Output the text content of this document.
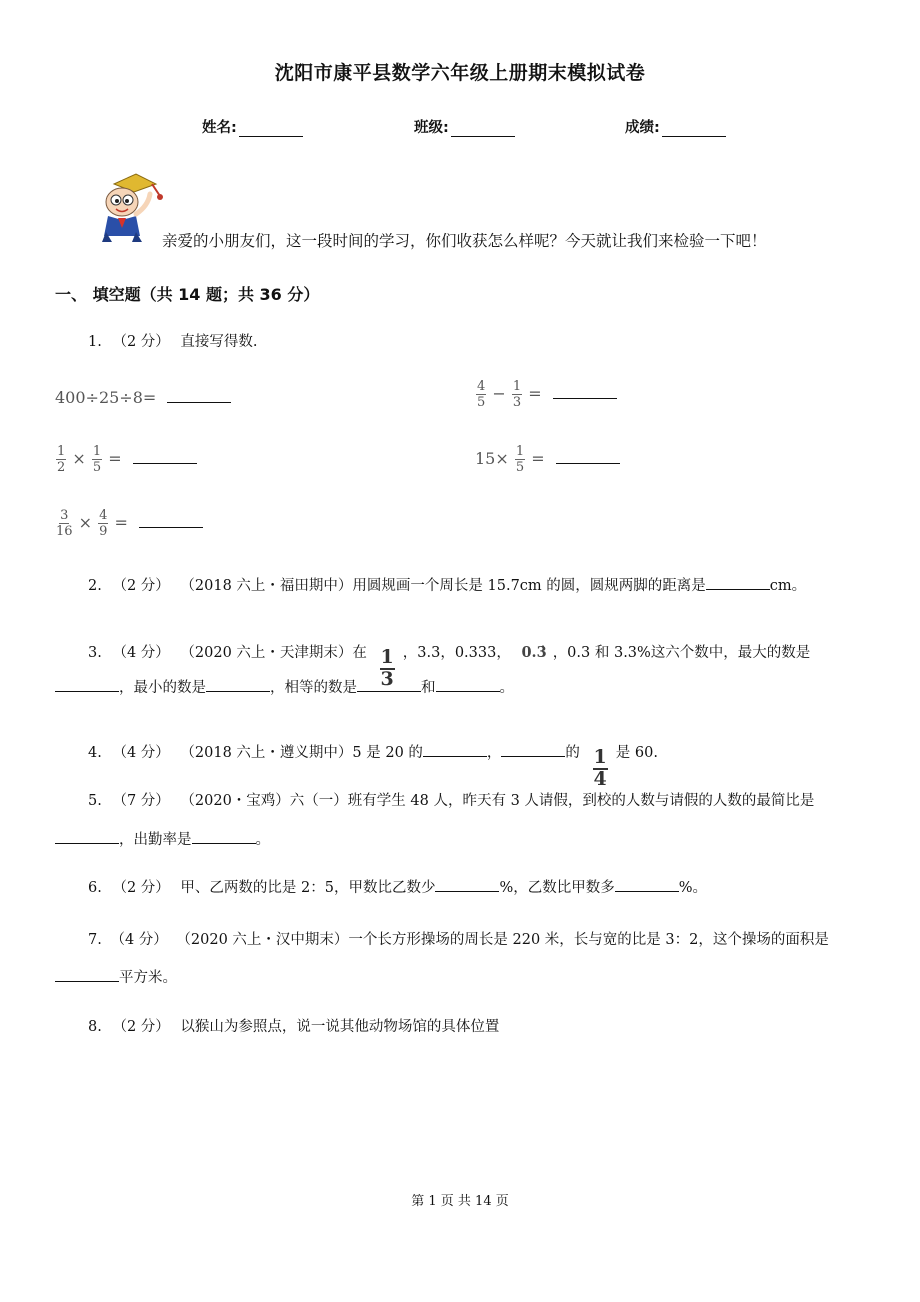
沈阳市康平县数学六年级上册期末模拟试卷
姓名:	班级:	成绩:
亲爱的小朋友们，这一段时间的学习，你们收获怎么样呢？今天就让我们来检验一下吧！
一、 填空题（共 14 题；共 36 分）
1. （2 分） 直接写得数.
400÷25÷8=	$\frac{4}{5} - \frac{1}{3}$ =
$\frac{1}{2} \times \frac{1}{5}$ =	$15\times \frac{1}{5}$ =
$\frac{3}{16} \times \frac{4}{9}$ =
2. （2 分） （2018 六上・福田期中）用圆规画一个周长是 15.7cm 的圆，圆规两脚的距离是	cm。
3. （4 分） （2020 六上・天津期末）在 $\frac{1}{3}$ ，3.3，0.333， 0.3̇ ，0.3 和 3.3%这六个数中，最大的数是
，最小的数是	，相等的数是	和	。
4. （4 分） （2018 六上・遵义期中）5 是 20 的	，	的 $\frac{1}{4}$ 是 60.
5. （7 分） （2020・宝鸡）六（一）班有学生 48 人，昨天有 3 人请假，到校的人数与请假的人数的最简比是
，出勤率是	。
6. （2 分） 甲、乙两数的比是 2：5，甲数比乙数少	%，乙数比甲数多	%。
7. （4 分） （2020 六上・汉中期末）一个长方形操场的周长是 220 米，长与宽的比是 3：2，这个操场的面积是
平方米。
8. （2 分） 以猴山为参照点，说一说其他动物场馆的具体位置
第 1 页 共 14 页
